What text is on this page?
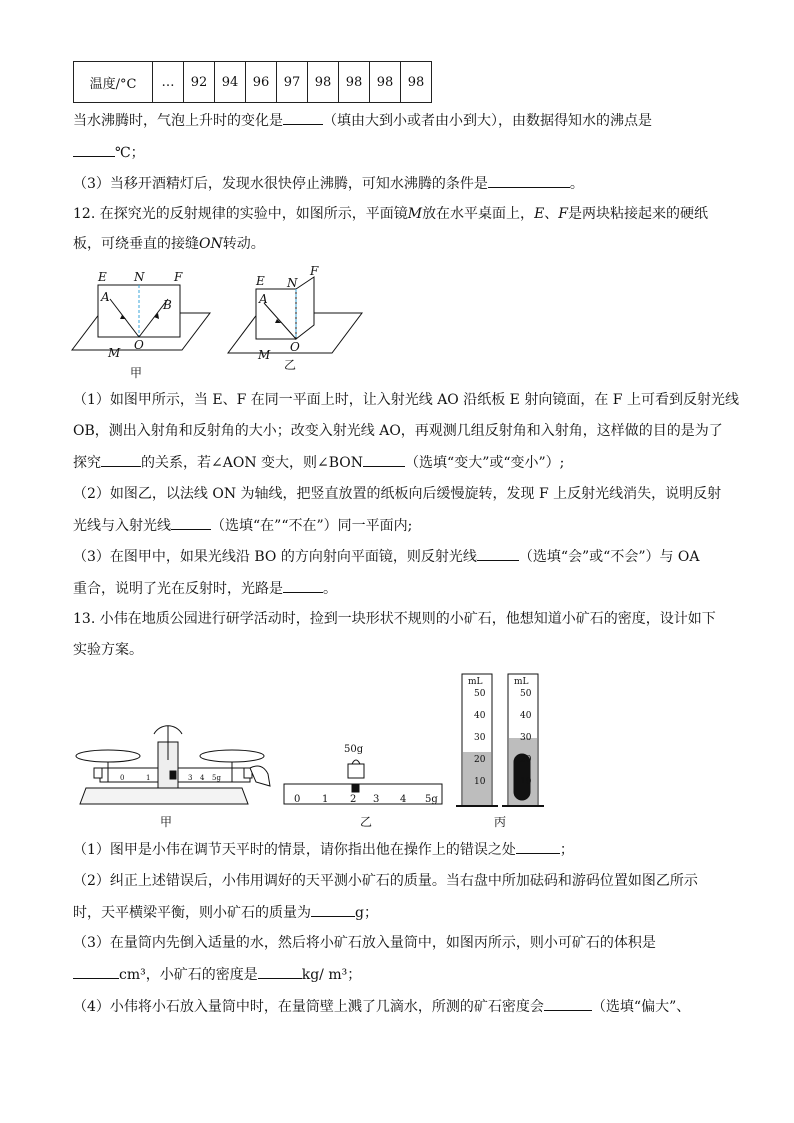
温度/°C	…	92	94	96	97	98	98	98	98
当水沸腾时，气泡上升时的变化是	（填由大到小或者由小到大），由数据得知水的沸点是
℃；
（3）当移开酒精灯后，发现水很快停止沸腾，可知水沸腾的条件是	。
12. 在探究光的反射规律的实验中，如图所示，平面镜M放在水平桌面上，E、F是两块粘接起来的硬纸
板，可绕垂直的接缝ON转动。
E N F
A
B
O
M
甲
E N
F
A
O
M
乙
（1）如图甲所示，当 E、F 在同一平面上时，让入射光线 AO 沿纸板 E 射向镜面，在 F 上可看到反射光线
OB，测出入射角和反射角的大小；改变入射光线 AO，再观测几组反射角和入射角，这样做的目的是为了
探究	的关系，若∠AON 变大，则∠BON	（选填“变大”或“变小”）;
（2）如图乙，以法线 ON 为轴线，把竖直放置的纸板向后缓慢旋转，发现 F 上反射光线消失，说明反射
光线与入射光线	（选填“在”“不在”）同一平面内;
（3）在图甲中，如果光线沿 BO 的方向射向平面镜，则反射光线	（选填“会”或“不会”）与 OA
重合，说明了光在反射时，光路是	。
13. 小伟在地质公园进行研学活动时，捡到一块形状不规则的小矿石，他想知道小矿石的密度，设计如下
实验方案。
0	1	3 4 5g
甲
50g
0 1 2 3 4 5g
乙
mL
50
40
30
20
10
mL
50
40
30
20
10
丙
（1）图甲是小伟在调节天平时的情景，请你指出他在操作上的错误之处	；
（2）纠正上述错误后，小伟用调好的天平测小矿石的质量。当右盘中所加砝码和游码位置如图乙所示
时，天平横梁平衡，则小矿石的质量为	g；
（3）在量筒内先倒入适量的水，然后将小矿石放入量筒中，如图丙所示，则小可矿石的体积是
cm³，小矿石的密度是	kg/ m³；
（4）小伟将小石放入量筒中时，在量筒壁上溅了几滴水，所测的矿石密度会	（选填“偏大”、
